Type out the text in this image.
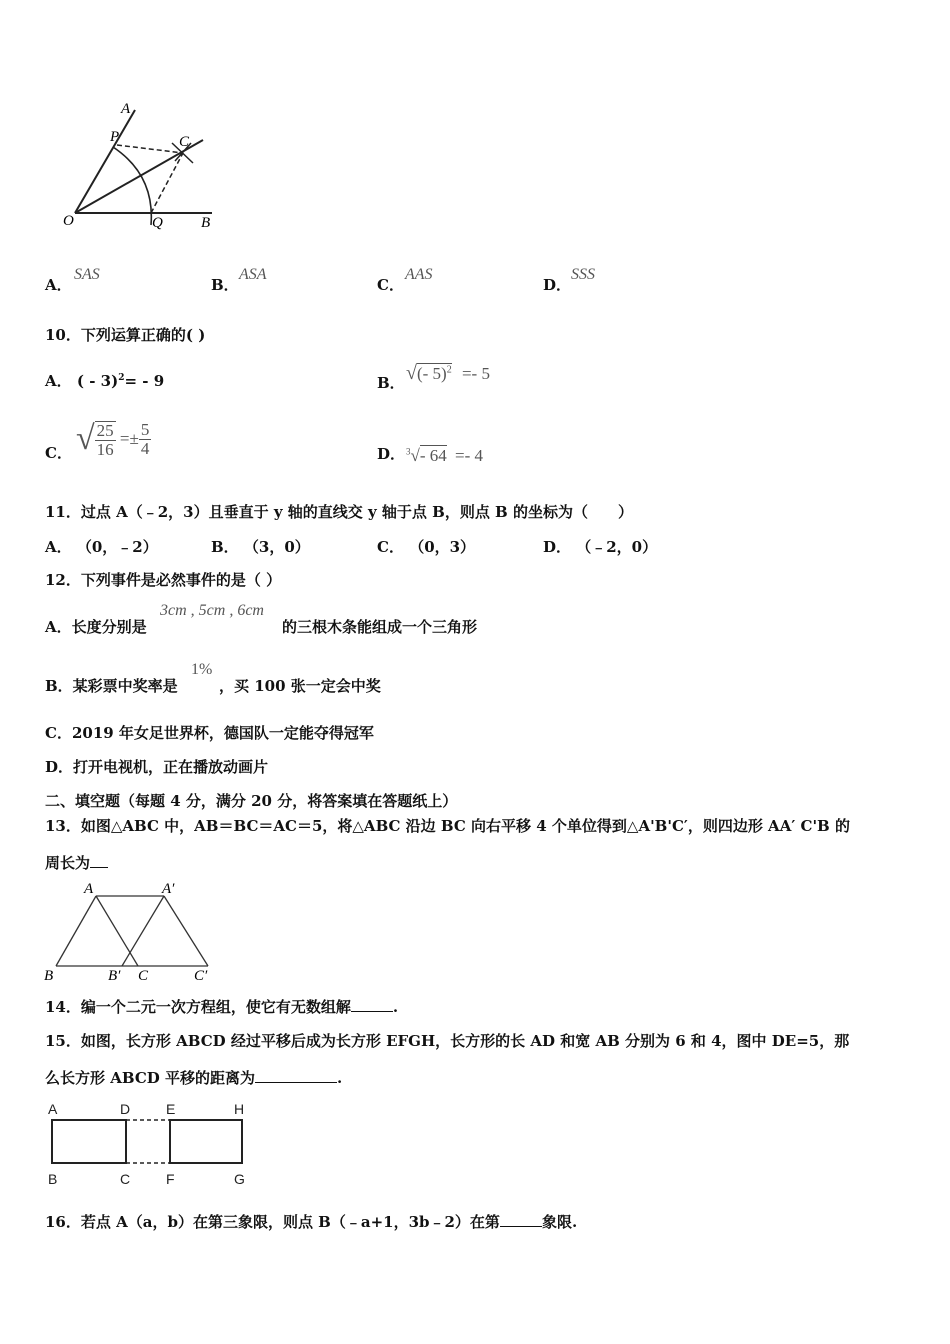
A
P	C
O	Q	B
A．
SAS
B．
ASA
C．
AAS
D．
SSS
10．下列运算正确的( )
A． ( - 3)$^2$= - 9	B． √(- 5)$^2$ =- 5
C． √ $\frac{25}{16} =\pm \frac{5}{4}$	D． $^3$√- 64 =- 4
11．过点 A（﹣2，3）且垂直于 y 轴的直线交 y 轴于点 B，则点 B 的坐标为（　　）
A． （0，﹣2）	B． （3，0）	C． （0，3）	D． （﹣2，0）
12．下列事件是必然事件的是（ ）
A．长度分别是
3cm , 5cm , 6cm
的三根木条能组成一个三角形
B．某彩票中奖率是
1%
，买 100 张一定会中奖
C．2019 年女足世界杯，德国队一定能夺得冠军
D．打开电视机，正在播放动画片
二、填空题（每题 4 分，满分 20 分，将答案填在答题纸上）
13．如图△ABC 中，AB＝BC＝AC＝5，将△ABC 沿边 BC 向右平移 4 个单位得到△A'B'C′，则四边形 AA′ C'B 的
周长为
A	A′
B	B′ C	C′
14．编一个二元一次方程组，使它有无数组解	.
15．如图，长方形 ABCD 经过平移后成为长方形 EFGH，长方形的长 AD 和宽 AB 分别为 6 和 4，图中 DE=5，那
么长方形 ABCD 平移的距离为	.
A	D	E	H
B	C	F	G
16．若点 A（a，b）在第三象限，则点 B（﹣a+1，3b﹣2）在第	象限.
